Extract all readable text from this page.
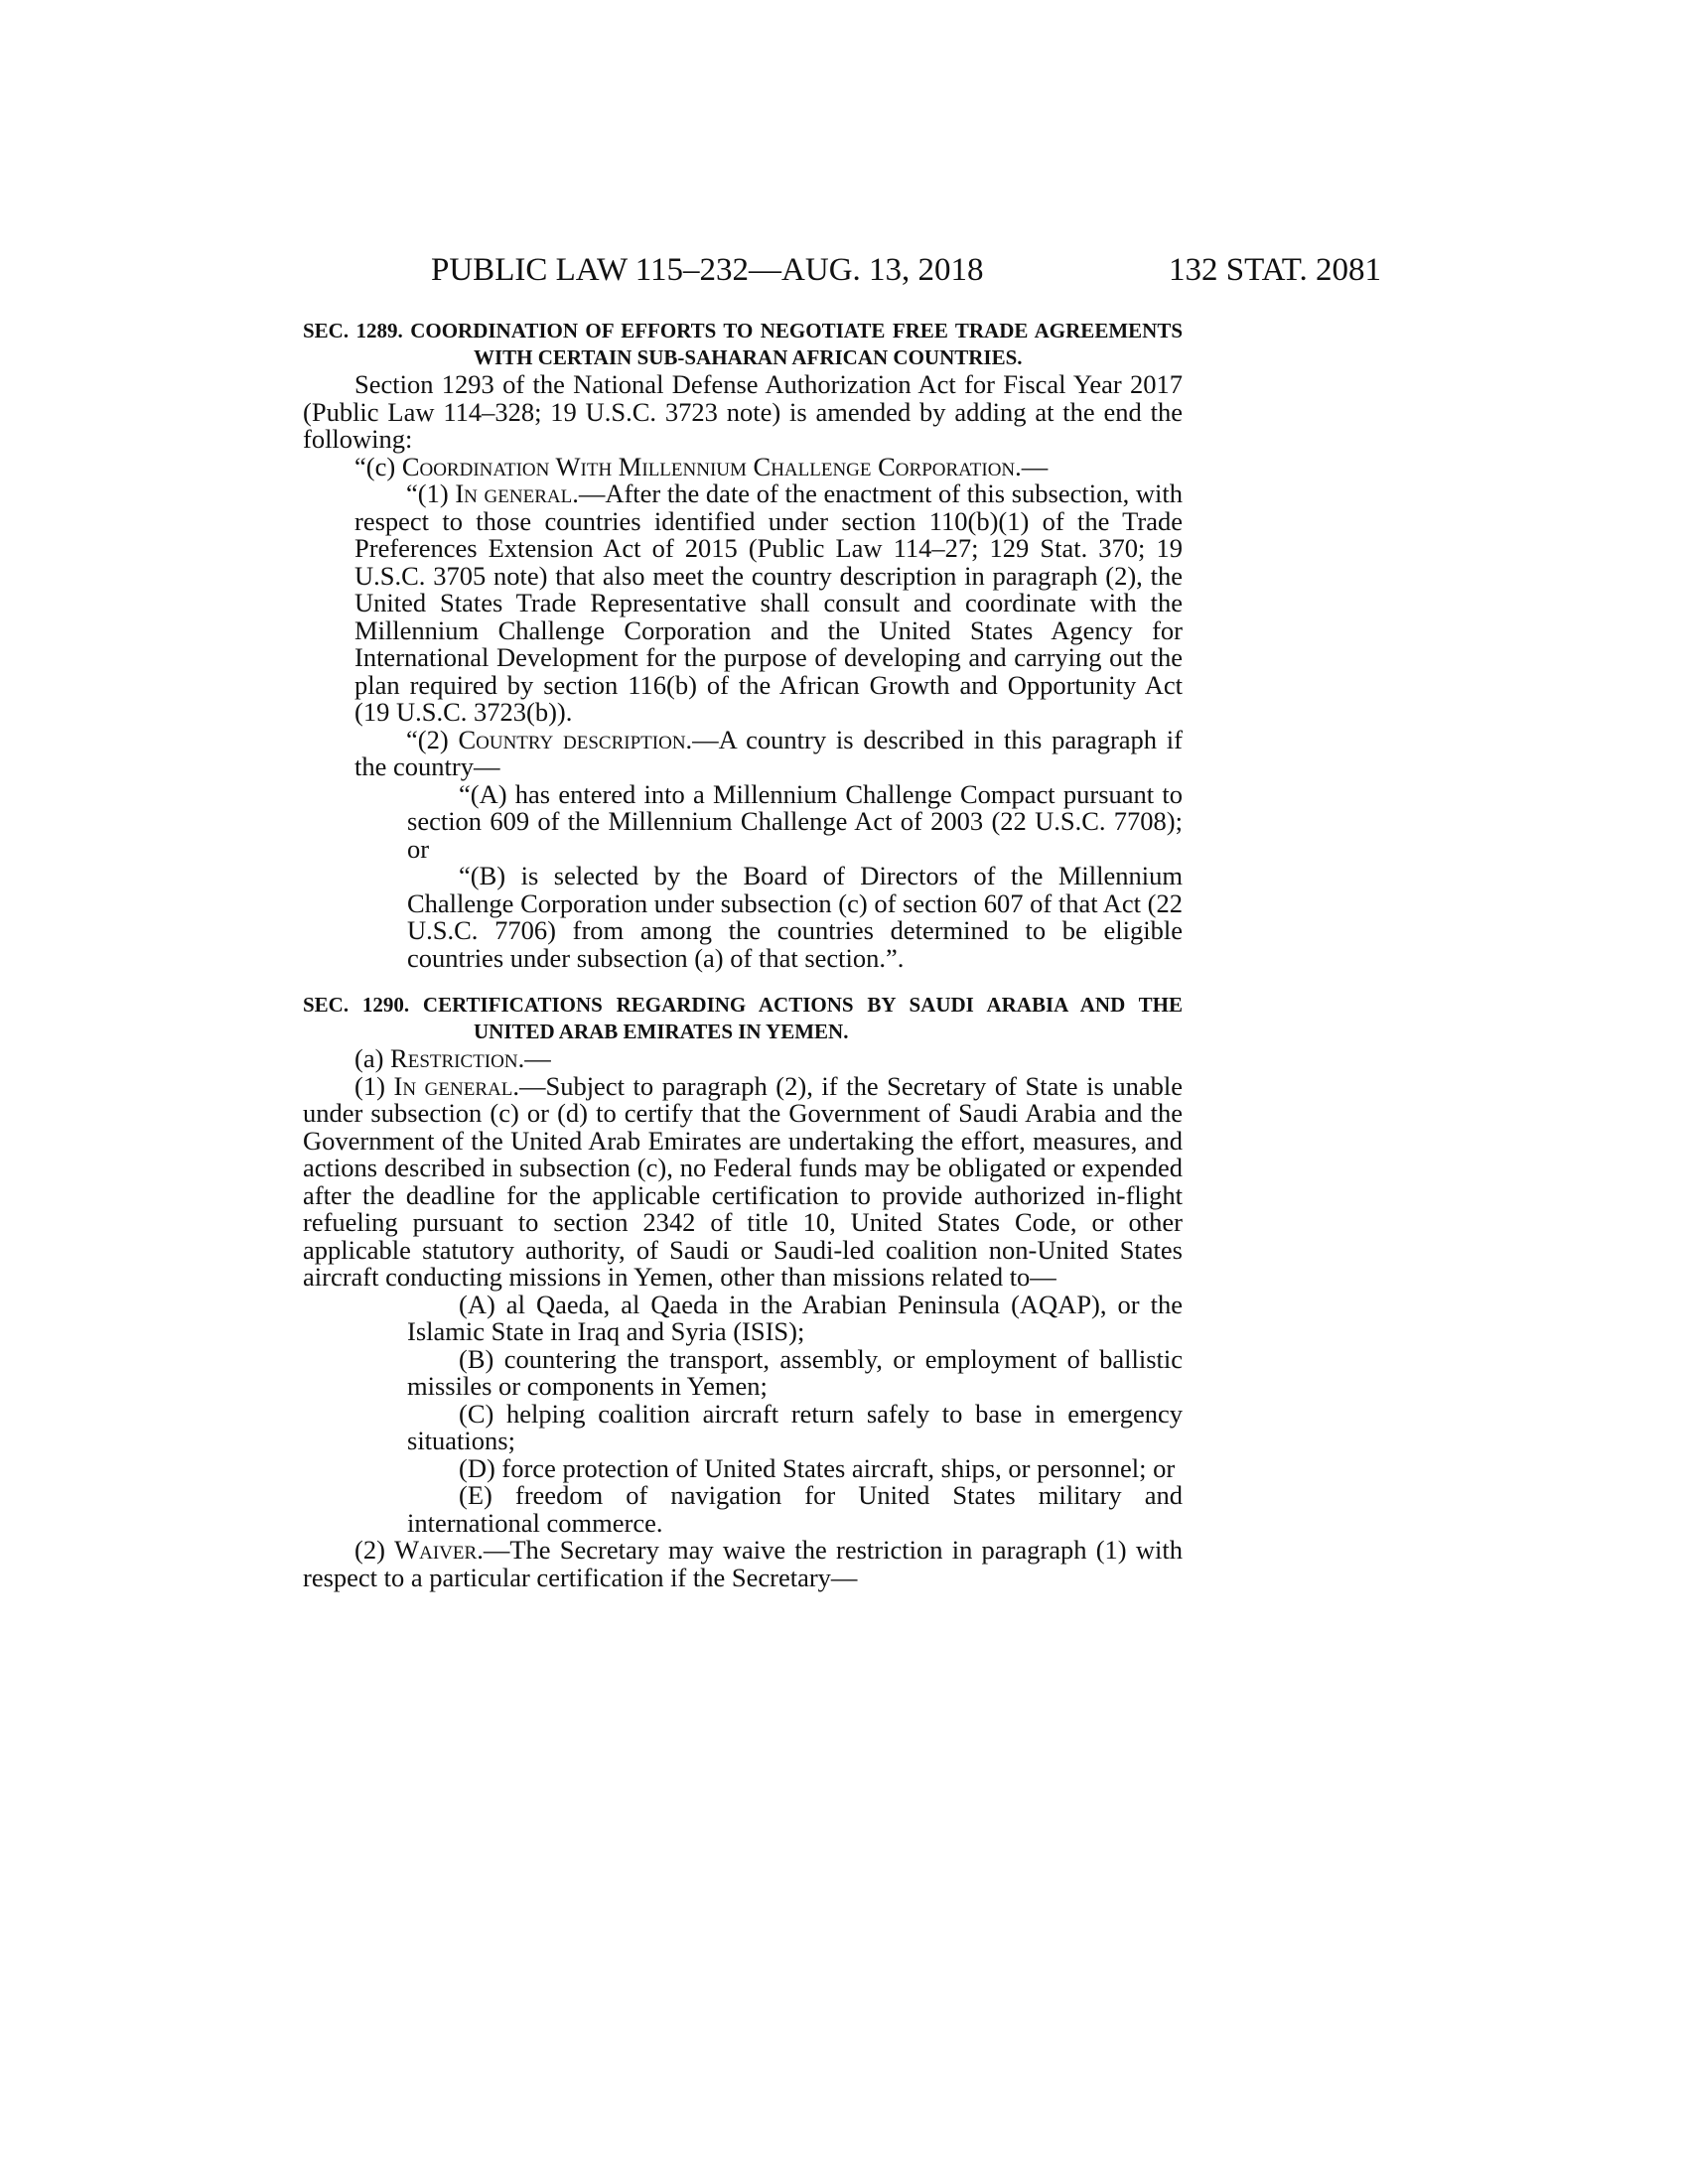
PUBLIC LAW 115–232—AUG. 13, 2018	132 STAT. 2081

SEC. 1289. COORDINATION OF EFFORTS TO NEGOTIATE FREE TRADE AGREEMENTS WITH CERTAIN SUB-SAHARAN AFRICAN COUNTRIES.

Section 1293 of the National Defense Authorization Act for Fiscal Year 2017 (Public Law 114–328; 19 U.S.C. 3723 note) is amended by adding at the end the following:

“(c) Coordination With Millennium Challenge Corporation.—

“(1) In general.—After the date of the enactment of this subsection, with respect to those countries identified under section 110(b)(1) of the Trade Preferences Extension Act of 2015 (Public Law 114–27; 129 Stat. 370; 19 U.S.C. 3705 note) that also meet the country description in paragraph (2), the United States Trade Representative shall consult and coordinate with the Millennium Challenge Corporation and the United States Agency for International Development for the purpose of developing and carrying out the plan required by section 116(b) of the African Growth and Opportunity Act (19 U.S.C. 3723(b)).

“(2) Country description.—A country is described in this paragraph if the country—

“(A) has entered into a Millennium Challenge Compact pursuant to section 609 of the Millennium Challenge Act of 2003 (22 U.S.C. 7708); or

“(B) is selected by the Board of Directors of the Millennium Challenge Corporation under subsection (c) of section 607 of that Act (22 U.S.C. 7706) from among the countries determined to be eligible countries under subsection (a) of that section.”.

SEC. 1290. CERTIFICATIONS REGARDING ACTIONS BY SAUDI ARABIA AND THE UNITED ARAB EMIRATES IN YEMEN.

(a) Restriction.—

(1) In general.—Subject to paragraph (2), if the Secretary of State is unable under subsection (c) or (d) to certify that the Government of Saudi Arabia and the Government of the United Arab Emirates are undertaking the effort, measures, and actions described in subsection (c), no Federal funds may be obligated or expended after the deadline for the applicable certification to provide authorized in-flight refueling pursuant to section 2342 of title 10, United States Code, or other applicable statutory authority, of Saudi or Saudi-led coalition non-United States aircraft conducting missions in Yemen, other than missions related to—

(A) al Qaeda, al Qaeda in the Arabian Peninsula (AQAP), or the Islamic State in Iraq and Syria (ISIS);

(B) countering the transport, assembly, or employment of ballistic missiles or components in Yemen;

(C) helping coalition aircraft return safely to base in emergency situations;

(D) force protection of United States aircraft, ships, or personnel; or

(E) freedom of navigation for United States military and international commerce.

(2) Waiver.—The Secretary may waive the restriction in paragraph (1) with respect to a particular certification if the Secretary—
